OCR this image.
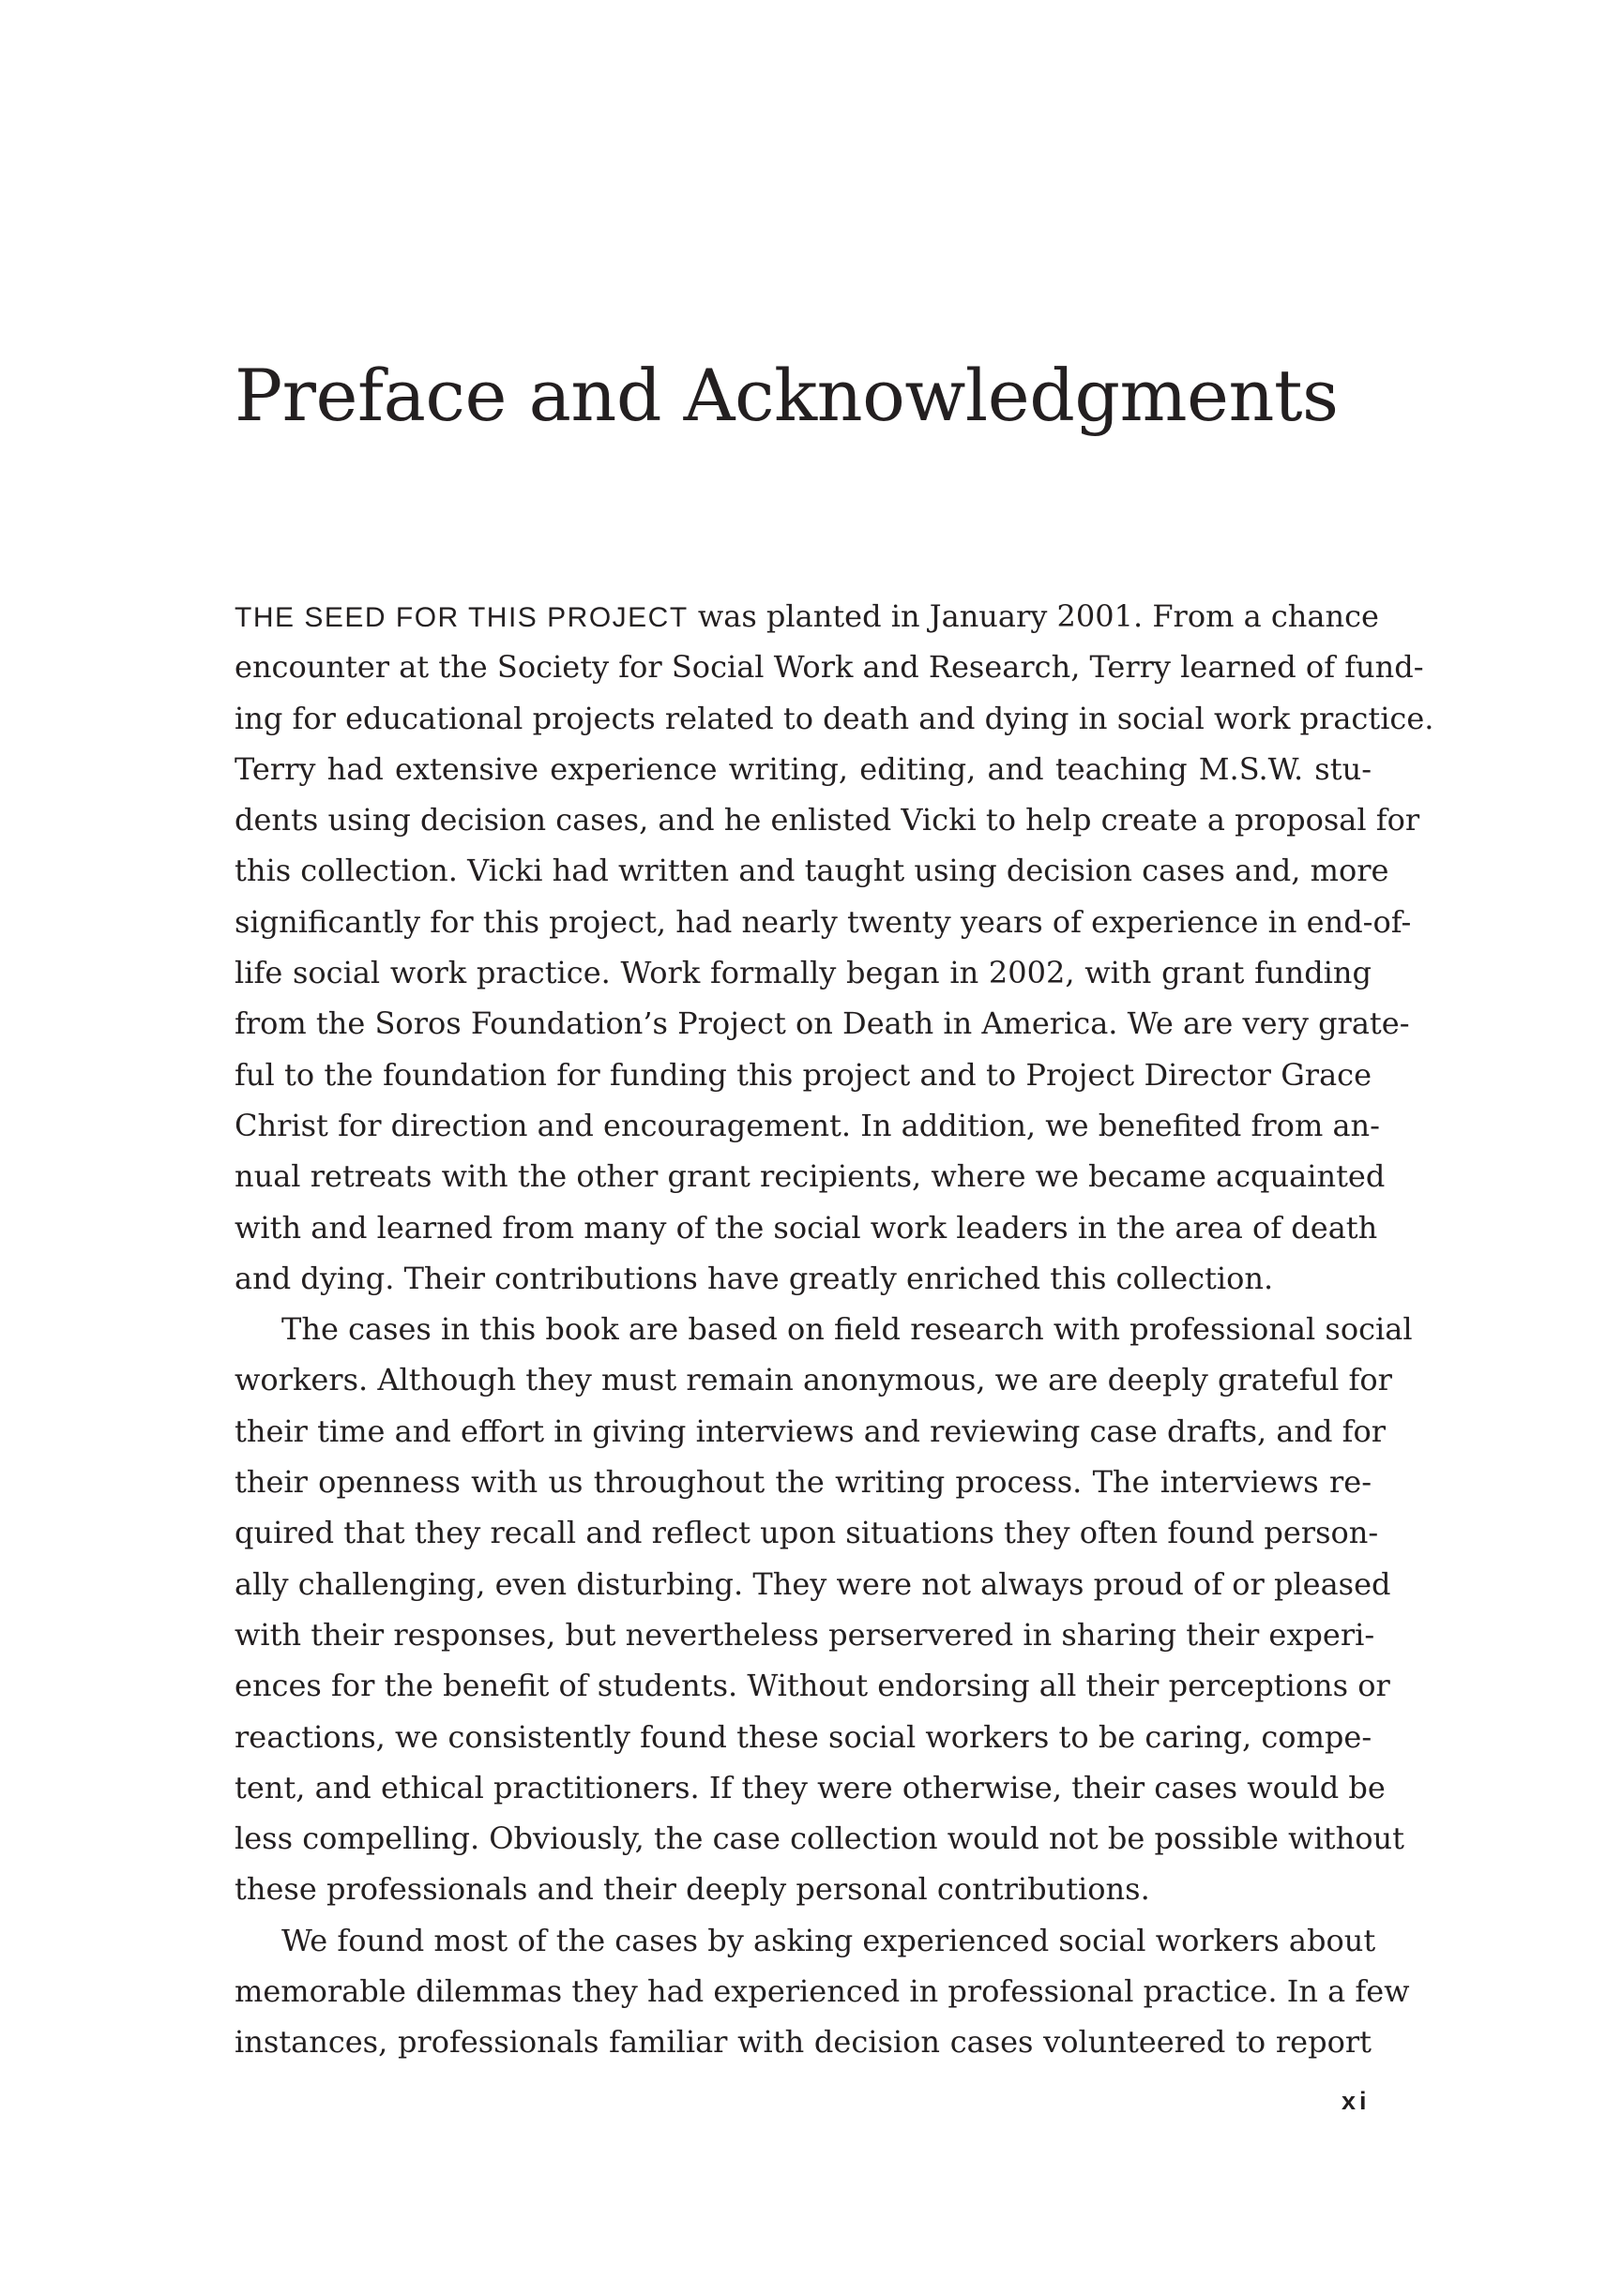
Preface and Acknowledgments
THE SEED FOR THIS PROJECT was planted in January 2001. From a chance
encounter at the Society for Social Work and Research, Terry learned of fund-
ing for educational projects related to death and dying in social work practice.
Terry had extensive experience writing, editing, and teaching M.S.W. stu-
dents using decision cases, and he enlisted Vicki to help create a proposal for
this collection. Vicki had written and taught using decision cases and, more
significantly for this project, had nearly twenty years of experience in end-of-
life social work practice. Work formally began in 2002, with grant funding
from the Soros Foundation’s Project on Death in America. We are very grate-
ful to the foundation for funding this project and to Project Director Grace
Christ for direction and encouragement. In addition, we benefited from an-
nual retreats with the other grant recipients, where we became acquainted
with and learned from many of the social work leaders in the area of death
and dying. Their contributions have greatly enriched this collection.
The cases in this book are based on field research with professional social
workers. Although they must remain anonymous, we are deeply grateful for
their time and effort in giving interviews and reviewing case drafts, and for
their openness with us throughout the writing process. The interviews re-
quired that they recall and reflect upon situations they often found person-
ally challenging, even disturbing. They were not always proud of or pleased
with their responses, but nevertheless perservered in sharing their experi-
ences for the benefit of students. Without endorsing all their perceptions or
reactions, we consistently found these social workers to be caring, compe-
tent, and ethical practitioners. If they were otherwise, their cases would be
less compelling. Obviously, the case collection would not be possible without
these professionals and their deeply personal contributions.
We found most of the cases by asking experienced social workers about
memorable dilemmas they had experienced in professional practice. In a few
instances, professionals familiar with decision cases volunteered to report
xi
